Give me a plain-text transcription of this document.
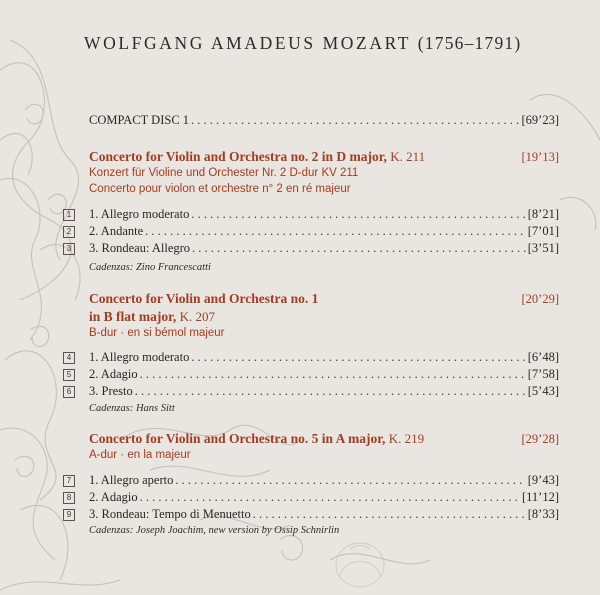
WOLFGANG AMADEUS MOZART (1756–1791)
COMPACT DISC 1 . . .	[69’23]
Concerto for Violin and Orchestra no. 2 in D major, K. 211	[19’13]
Konzert für Violine und Orchester Nr. 2 D-dur KV 211
Concerto pour violon et orchestre n° 2 en ré majeur
1	1. Allegro moderato . . .	[8’21]
2	2. Andante . . .	[7’01]
3	3. Rondeau: Allegro . . .	[3’51]
Cadenzas: Zino Francescatti
Concerto for Violin and Orchestra no. 1	[20’29]
in B flat major, K. 207
B-dur · en si bémol majeur
4	1. Allegro moderato . . .	[6’48]
5	2. Adagio . . .	[7’58]
6	3. Presto . . .	[5’43]
Cadenzas: Hans Sitt
Concerto for Violin and Orchestra no. 5 in A major, K. 219	[29’28]
A-dur · en la majeur
7	1. Allegro aperto . . .	[9’43]
8	2. Adagio . . .	[11’12]
9	3. Rondeau: Tempo di Menuetto . . .	[8’33]
Cadenzas: Joseph Joachim, new version by Ossip Schnirlin
